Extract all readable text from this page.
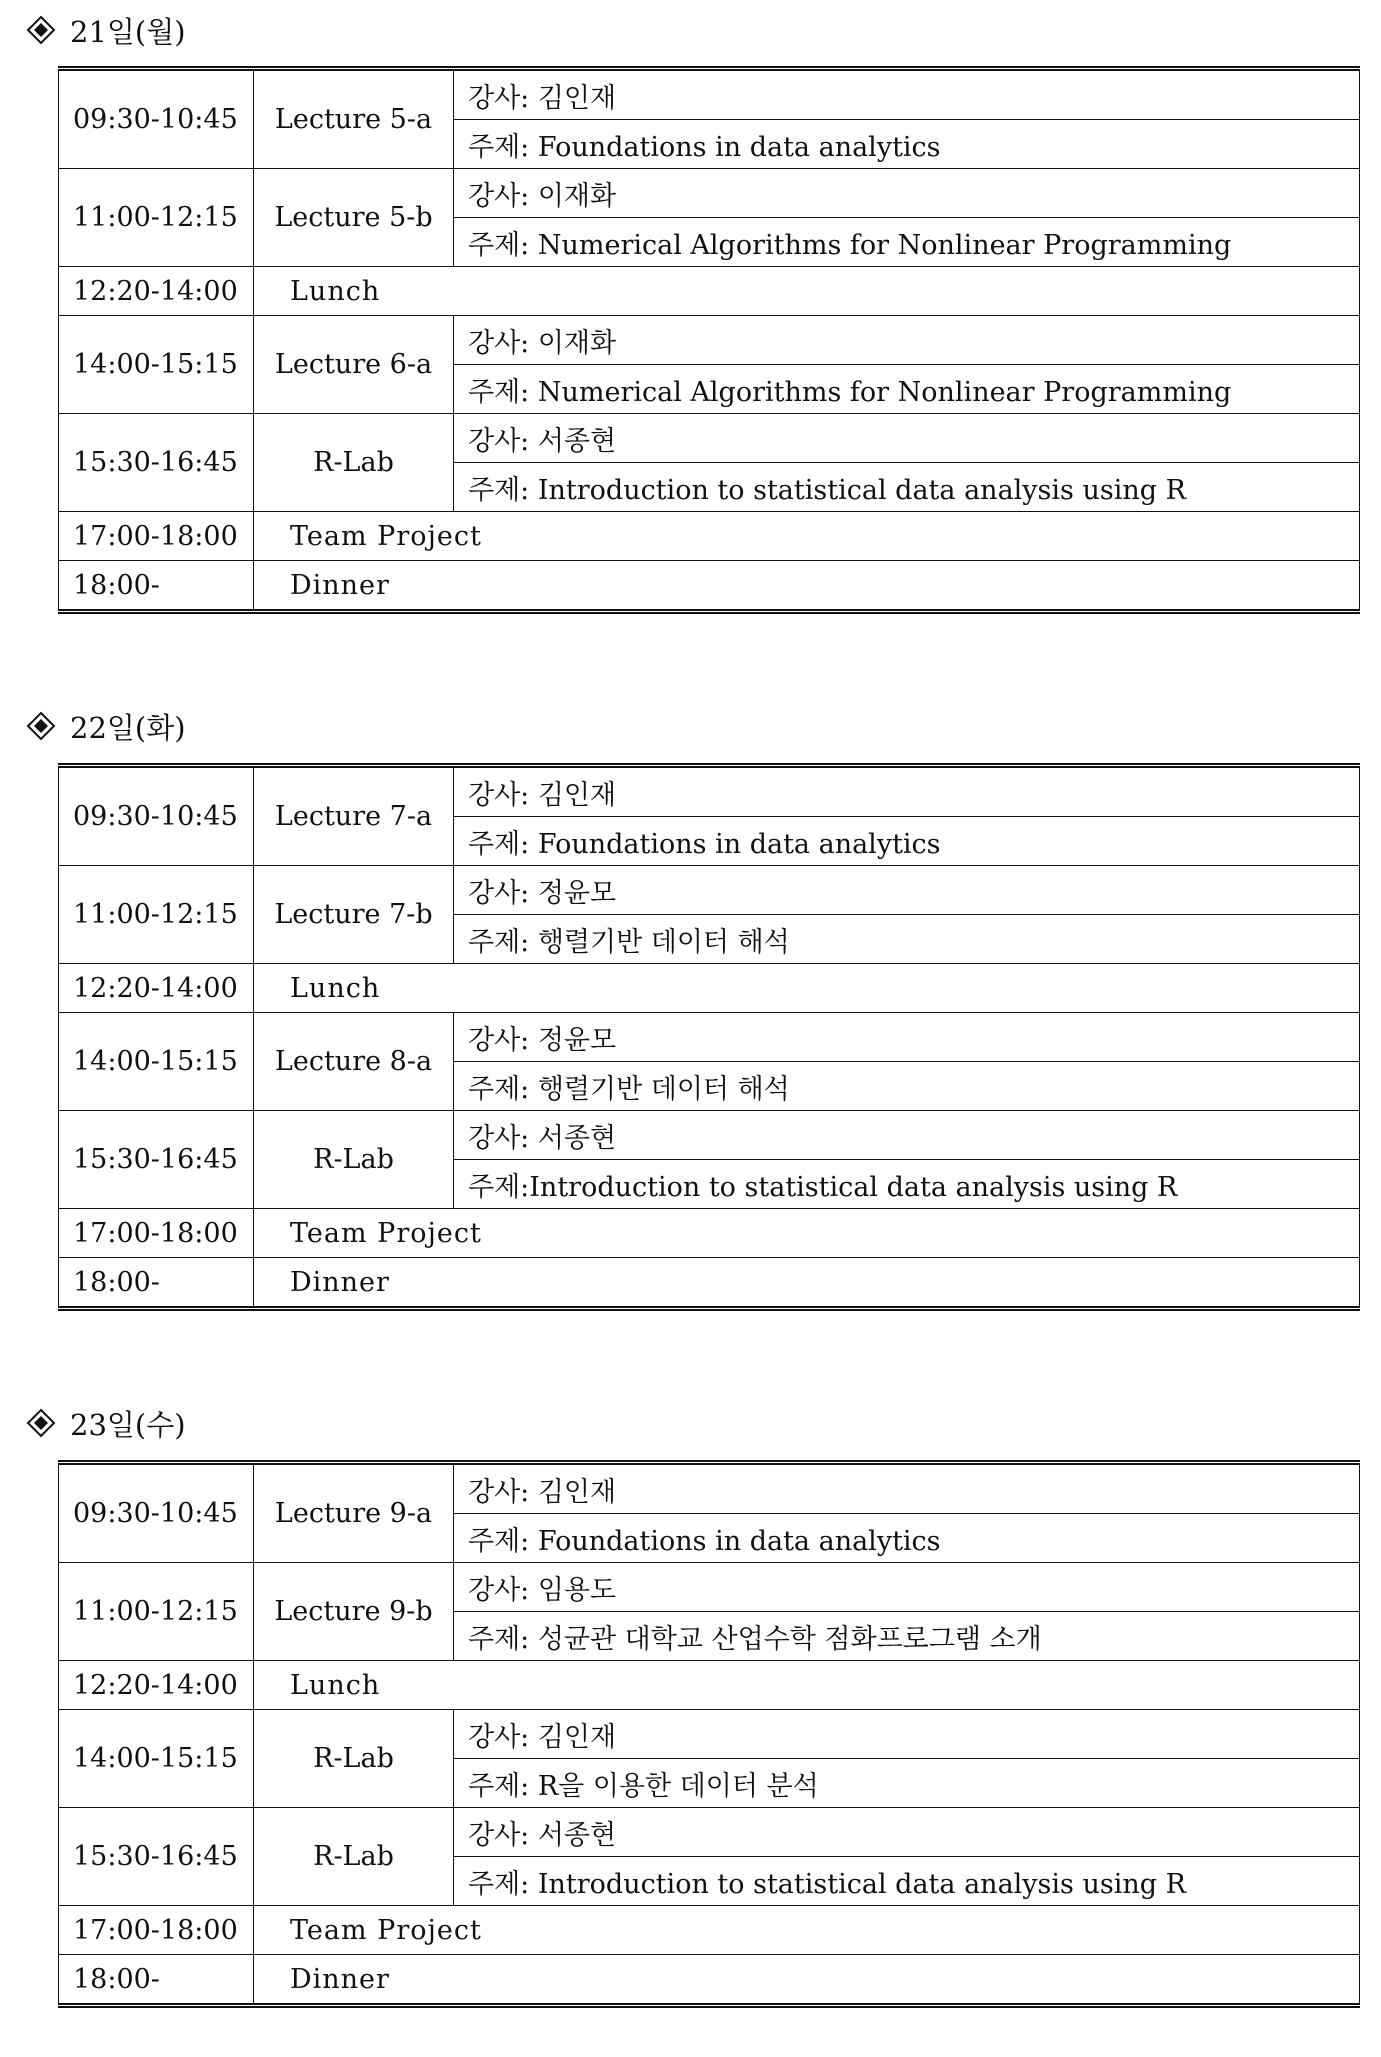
21일(월)
09:30-10:45	Lecture 5-a	강사: 김인재
		주제: Foundations in data analytics
11:00-12:15	Lecture 5-b	강사: 이재화
		주제: Numerical Algorithms for Nonlinear Programming
12:20-14:00	Lunch	
14:00-15:15	Lecture 6-a	강사: 이재화
		주제: Numerical Algorithms for Nonlinear Programming
15:30-16:45	R-Lab	강사: 서종현
		주제: Introduction to statistical data analysis using R
17:00-18:00	Team Project	
18:00-	Dinner	
22일(화)
09:30-10:45	Lecture 7-a	강사: 김인재
		주제: Foundations in data analytics
11:00-12:15	Lecture 7-b	강사: 정윤모
		주제: 행렬기반 데이터 해석
12:20-14:00	Lunch	
14:00-15:15	Lecture 8-a	강사: 정윤모
		주제: 행렬기반 데이터 해석
15:30-16:45	R-Lab	강사: 서종현
		주제:Introduction to statistical data analysis using R
17:00-18:00	Team Project	
18:00-	Dinner	
23일(수)
09:30-10:45	Lecture 9-a	강사: 김인재
		주제: Foundations in data analytics
11:00-12:15	Lecture 9-b	강사: 임용도
		주제: 성균관 대학교 산업수학 점화프로그램 소개
12:20-14:00	Lunch	
14:00-15:15	R-Lab	강사: 김인재
		주제: R을 이용한 데이터 분석
15:30-16:45	R-Lab	강사: 서종현
		주제: Introduction to statistical data analysis using R
17:00-18:00	Team Project	
18:00-	Dinner	
